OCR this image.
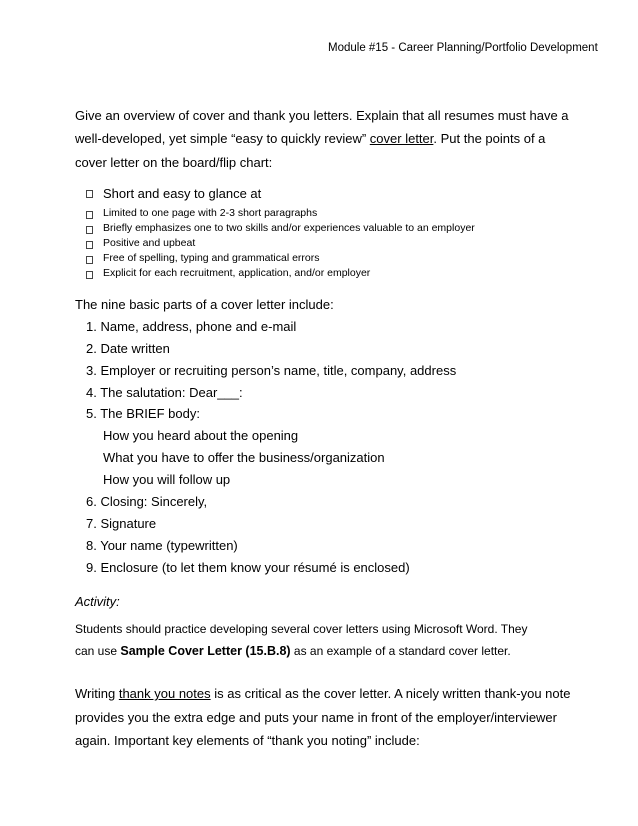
Module #15 - Career Planning/Portfolio Development
Give an overview of cover and thank you letters. Explain that all resumes must have a
well-developed, yet simple “easy to quickly review” cover letter. Put the points of a
cover letter on the board/flip chart:
Short and easy to glance at
Limited to one page with 2-3 short paragraphs
Briefly emphasizes one to two skills and/or experiences valuable to an employer
Positive and upbeat
Free of spelling, typing and grammatical errors
Explicit for each recruitment, application, and/or employer
The nine basic parts of a cover letter include:
1. Name, address, phone and e-mail
2. Date written
3. Employer or recruiting person’s name, title, company, address
4. The salutation: Dear___:
5. The BRIEF body:
How you heard about the opening
What you have to offer the business/organization
How you will follow up
6. Closing: Sincerely,
7. Signature
8. Your name (typewritten)
9. Enclosure (to let them know your résumé is enclosed)
Activity:
Students should practice developing several cover letters using Microsoft Word. They
can use Sample Cover Letter (15.B.8) as an example of a standard cover letter.
Writing thank you notes is as critical as the cover letter. A nicely written thank-you note
provides you the extra edge and puts your name in front of the employer/interviewer
again. Important key elements of “thank you noting” include:
